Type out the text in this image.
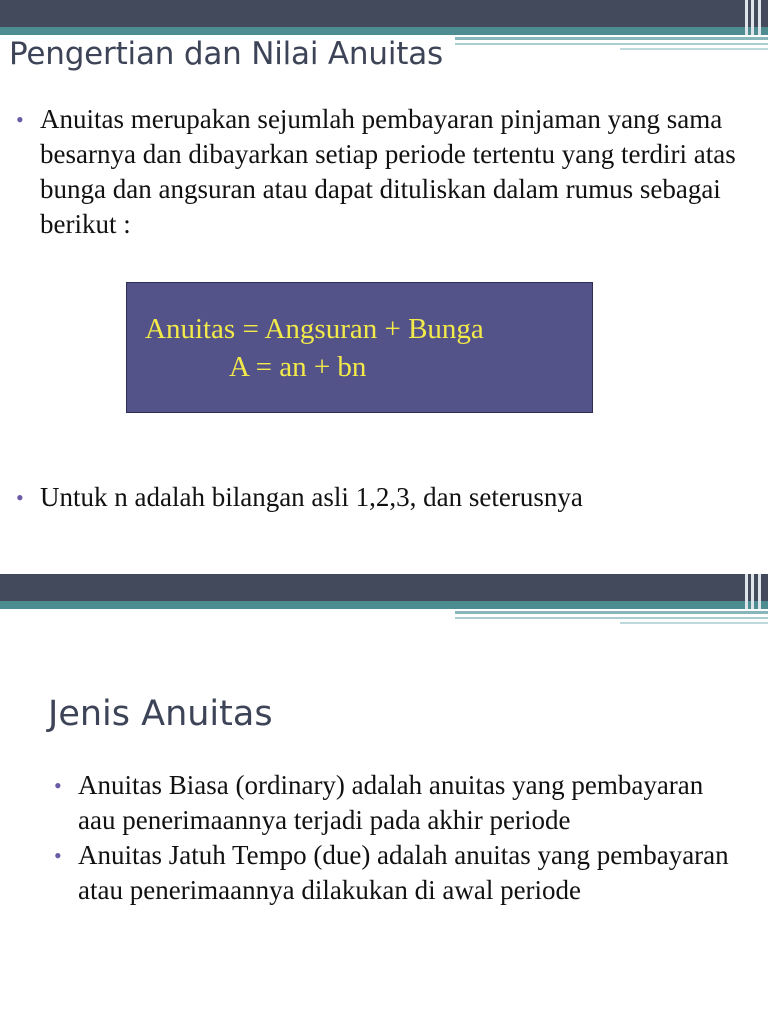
Pengertian dan Nilai Anuitas
• Anuitas merupakan sejumlah pembayaran pinjaman yang sama besarnya dan dibayarkan setiap periode tertentu yang terdiri atas bunga dan angsuran atau dapat dituliskan dalam rumus sebagai berikut :

Anuitas = Angsuran + Bunga

A = an + bn

• Untuk n adalah bilangan asli 1,2,3, dan seterusnya
Jenis Anuitas
• Anuitas Biasa (ordinary) adalah anuitas yang pembayaran aau penerimaannya terjadi pada akhir periode
• Anuitas Jatuh Tempo (due) adalah anuitas yang pembayaran atau penerimaannya dilakukan di awal periode
